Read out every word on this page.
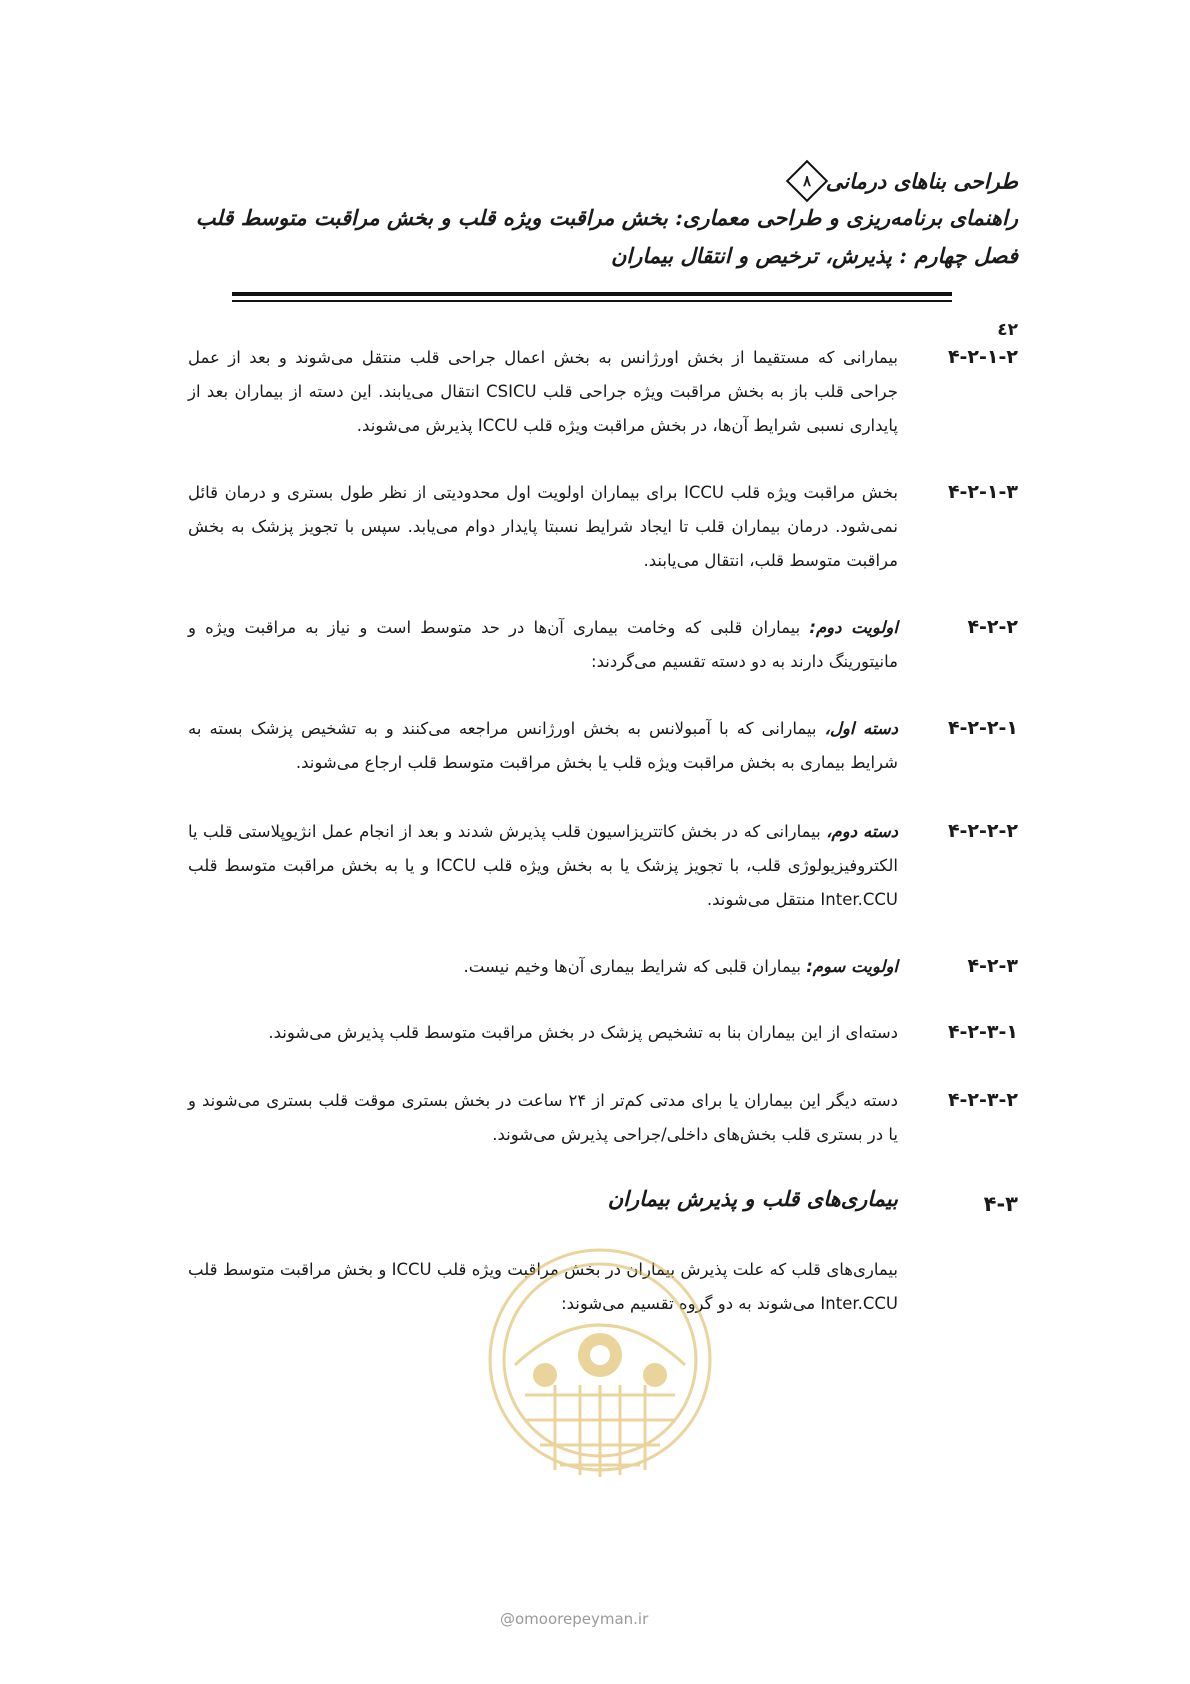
طراحی بناهای درمانی
۸
راهنمای برنامه‌ریزی و طراحی معماری: بخش مراقبت ویژه قلب و بخش مراقبت متوسط قلب
فصل چهارم : پذیرش، ترخیص و انتقال بیماران
٤٢
۴-۲-۱-۲
بیمارانی که مستقیما از بخش اورژانس به بخش اعمال جراحی قلب منتقل می‌شوند و بعد از عمل جراحی قلب باز به بخش مراقبت ویژه جراحی قلب CSICU انتقال می‌یابند. این دسته از بیماران بعد از پایداری نسبی شرایط آن‌ها، در بخش مراقبت ویژه قلب ICCU پذیرش می‌شوند.
۴-۲-۱-۳
بخش مراقبت ویژه قلب ICCU برای بیماران اولویت اول محدودیتی از نظر طول بستری و درمان قائل نمی‌شود. درمان بیماران قلب تا ایجاد شرایط نسبتا پایدار دوام می‌یابد. سپس با تجویز پزشک به بخش مراقبت متوسط قلب، انتقال می‌یابند.
۴-۲-۲
اولویت دوم: بیماران قلبی که وخامت بیماری آن‌ها در حد متوسط است و نیاز به مراقبت ویژه و مانیتورینگ دارند به دو دسته تقسیم می‌گردند:
۴-۲-۲-۱
دسته اول، بیمارانی که با آمبولانس به بخش اورژانس مراجعه می‌کنند و به تشخیص پزشک بسته به شرایط بیماری به بخش مراقبت ویژه قلب یا بخش مراقبت متوسط قلب ارجاع می‌شوند.
۴-۲-۲-۲
دسته دوم، بیمارانی که در بخش کاتتریزاسیون قلب پذیرش شدند و بعد از انجام عمل انژیوپلاستی قلب یا الکتروفیزیولوژی قلب، با تجویز پزشک یا به بخش ویژه قلب ICCU و یا به بخش مراقبت متوسط قلب Inter.CCU منتقل می‌شوند.
۴-۲-۳
اولویت سوم: بیماران قلبی که شرایط بیماری آن‌ها وخیم نیست.
۴-۲-۳-۱
دسته‌ای از این بیماران بنا به تشخیص پزشک در بخش مراقبت متوسط قلب پذیرش می‌شوند.
۴-۲-۳-۲
دسته دیگر این بیماران یا برای مدتی کم‌تر از ۲۴ ساعت در بخش بستری موقت قلب بستری می‌شوند و یا در بستری قلب بخش‌های داخلی/جراحی پذیرش می‌شوند.
۴-۳
بیماری‌های قلب و پذیرش بیماران
بیماری‌های قلب که علت پذیرش بیماران در بخش مراقبت ویژه قلب ICCU و بخش مراقبت متوسط قلب Inter.CCU می‌شوند به دو گروه تقسیم می‌شوند:
@omoorepeyman.ir
